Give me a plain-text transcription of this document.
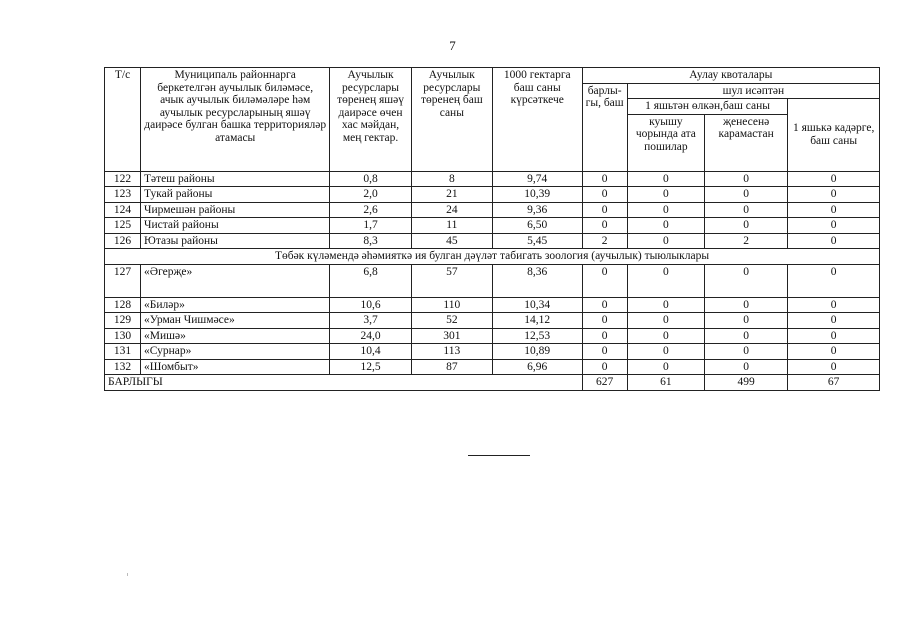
7
Т/с	Муниципаль районнарга беркетелгән аучылык биләмәсе, ачык аучылык биләмәләре һәм аучылык ресурсларының яшәү даирәсе булган башка территорияләр атамасы	Аучылык ресурслары төренең яшәү даирәсе өчен хас мәйдан, мең гектар.	Аучылык ресурслары төренең баш саны	1000 гектарга баш саны күрсәткече	Аулау квоталары			
					барлы-гы, баш	шул исәптән		
						1 яшьтән өлкән,баш саны		1 яшькә кадәрге, баш саны
						куышу чорында ата пошилар	җенесенә карамастан	
122	Тәтеш районы	0,8	8	9,74	0	0	0	0
123	Тукай районы	2,0	21	10,39	0	0	0	0
124	Чирмешән районы	2,6	24	9,36	0	0	0	0
125	Чистай районы	1,7	11	6,50	0	0	0	0
126	Ютазы районы	8,3	45	5,45	2	0	2	0
Төбәк күләмендә әһәмияткә ия булган дәүләт табигать зоология (аучылык) тыюлыклары								
127	«Әгерҗе»	6,8	57	8,36	0	0	0	0
128	«Биләр»	10,6	110	10,34	0	0	0	0
129	«Урман Чишмәсе»	3,7	52	14,12	0	0	0	0
130	«Мишә»	24,0	301	12,53	0	0	0	0
131	«Сурнар»	10,4	113	10,89	0	0	0	0
132	«Шомбыт»	12,5	87	6,96	0	0	0	0
БАРЛЫГЫ					627	61	499	67
